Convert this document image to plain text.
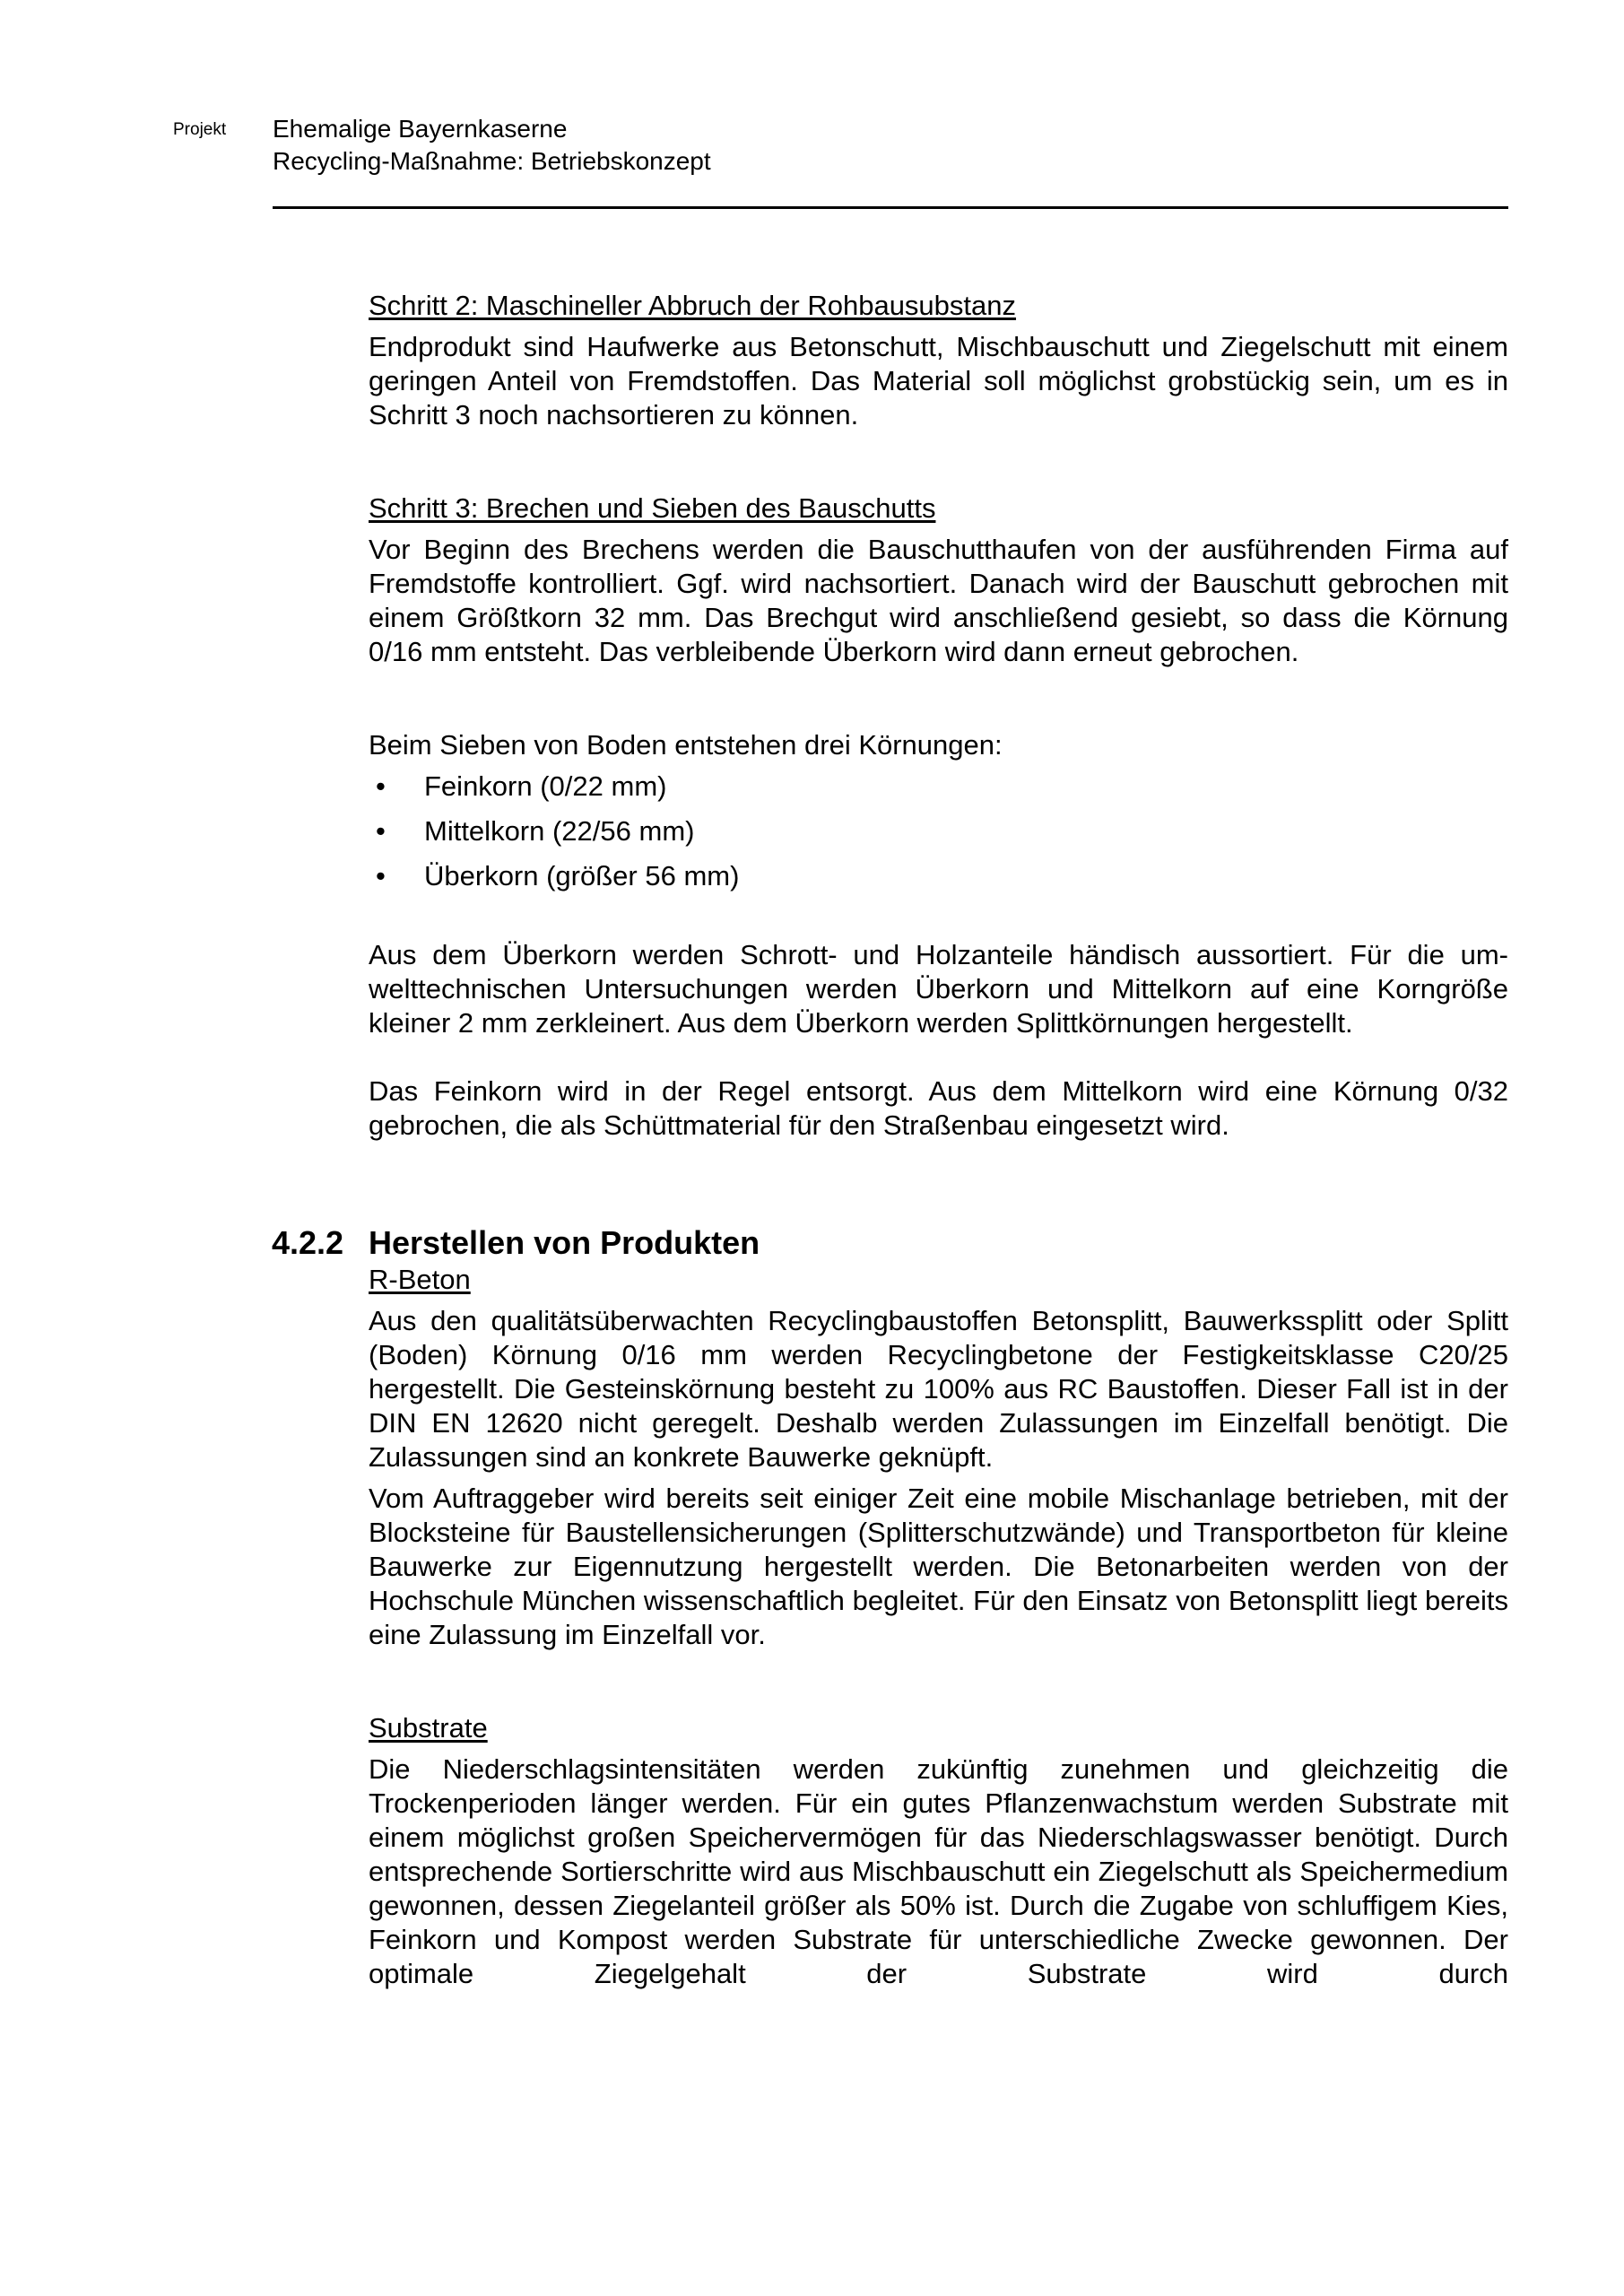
Projekt Ehemalige Bayernkaserne
Recycling-Maßnahme: Betriebskonzept

Schritt 2: Maschineller Abbruch der Rohbausubstanz

Endprodukt sind Haufwerke aus Betonschutt, Mischbauschutt und Ziegelschutt mit einem geringen Anteil von Fremdstoffen. Das Material soll möglichst grobstückig sein, um es in Schritt 3 noch nachsortieren zu können.

Schritt 3: Brechen und Sieben des Bauschutts

Vor Beginn des Brechens werden die Bauschutthaufen von der ausführenden Firma auf Fremdstoffe kontrolliert. Ggf. wird nachsortiert. Danach wird der Bauschutt gebrochen mit einem Größtkorn 32 mm. Das Brechgut wird anschließend gesiebt, so dass die Körnung 0/16 mm entsteht. Das verbleibende Überkorn wird dann erneut gebrochen.

Beim Sieben von Boden entstehen drei Körnungen:

• Feinkorn (0/22 mm)
• Mittelkorn (22/56 mm)
• Überkorn (größer 56 mm)

Aus dem Überkorn werden Schrott- und Holzanteile händisch aussortiert. Für die umwelttechnischen Untersuchungen werden Überkorn und Mittelkorn auf eine Korngröße kleiner 2 mm zerkleinert. Aus dem Überkorn werden Splittkörnungen hergestellt.

Das Feinkorn wird in der Regel entsorgt. Aus dem Mittelkorn wird eine Körnung 0/32 gebrochen, die als Schüttmaterial für den Straßenbau eingesetzt wird.

4.2.2 Herstellen von Produkten

R-Beton

Aus den qualitätsüberwachten Recyclingbaustoffen Betonsplitt, Bauwerkssplitt oder Splitt (Boden) Körnung 0/16 mm werden Recyclingbetone der Festigkeitsklasse C20/25 hergestellt. Die Gesteinskörnung besteht zu 100% aus RC Baustoffen. Dieser Fall ist in der DIN EN 12620 nicht geregelt. Deshalb werden Zulassungen im Einzelfall benötigt. Die Zulassungen sind an konkrete Bauwerke geknüpft.

Vom Auftraggeber wird bereits seit einiger Zeit eine mobile Mischanlage betrieben, mit der Blocksteine für Baustellensicherungen (Splitterschutzwände) und Transportbeton für kleine Bauwerke zur Eigennutzung hergestellt werden. Die Betonarbeiten werden von der Hochschule München wissenschaftlich begleitet. Für den Einsatz von Betonsplitt liegt bereits eine Zulassung im Einzelfall vor.

Substrate

Die Niederschlagsintensitäten werden zukünftig zunehmen und gleichzeitig die Trockenperioden länger werden. Für ein gutes Pflanzenwachstum werden Substrate mit einem möglichst großen Speichervermögen für das Niederschlagswasser benötigt. Durch entsprechende Sortierschritte wird aus Mischbauschutt ein Ziegelschutt als Speichermedium gewonnen, dessen Ziegelanteil größer als 50% ist. Durch die Zugabe von schluffigem Kies, Feinkorn und Kompost werden Substrate für unterschiedliche Zwecke gewonnen. Der optimale Ziegelgehalt der Substrate wird durch
